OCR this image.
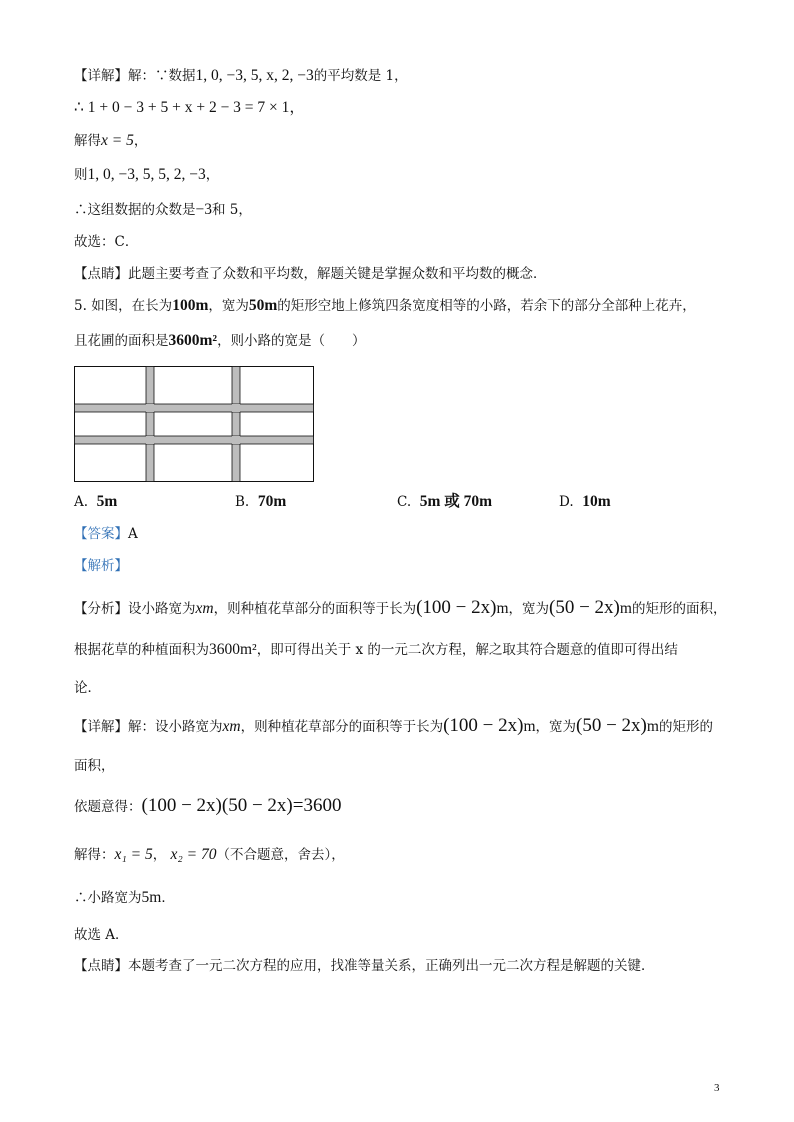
【详解】解：∵数据1, 0, −3, 5, x, 2, −3的平均数是 1，
∴ 1 + 0 − 3 + 5 + x + 2 − 3 = 7 × 1，
解得x = 5，
则1, 0, −3, 5, 5, 2, −3，
∴这组数据的众数是−3和 5，
故选：C．
【点睛】此题主要考查了众数和平均数，解题关键是掌握众数和平均数的概念．
5. 如图，在长为100m，宽为50m的矩形空地上修筑四条宽度相等的小路，若余下的部分全部种上花卉，
且花圃的面积是3600m²，则小路的宽是（　　）
A. 5m	B. 70m	C. 5m 或 70m	D. 10m
【答案】A
【解析】
【分析】设小路宽为xm，则种植花草部分的面积等于长为(100 − 2x)m，宽为(50 − 2x)m的矩形的面积，
根据花草的种植面积为3600m²，即可得出关于 x 的一元二次方程，解之取其符合题意的值即可得出结
论．
【详解】解：设小路宽为xm，则种植花草部分的面积等于长为(100 − 2x)m，宽为(50 − 2x)m的矩形的
面积，
依题意得：(100 − 2x)(50 − 2x)=3600
解得：x₁ = 5， x₂ = 70（不合题意，舍去），
∴小路宽为5m．
故选 A．
【点睛】本题考查了一元二次方程的应用，找准等量关系，正确列出一元二次方程是解题的关键．
3
